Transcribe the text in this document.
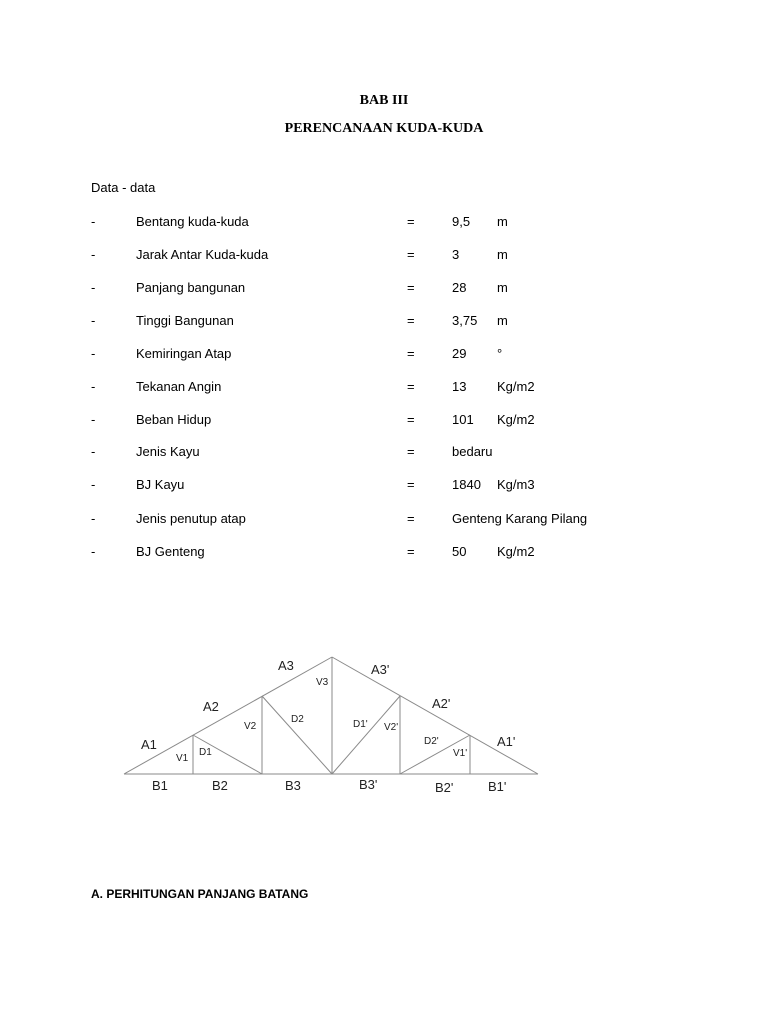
BAB III
PERENCANAAN KUDA-KUDA
Data - data
-	Bentang kuda-kuda	=	9,5 m
-	Jarak Antar Kuda-kuda	=	3	m
-	Panjang bangunan	=	28 m
-	Tinggi Bangunan	=	3,75 m
-	Kemiringan Atap	=	29 °
-	Tekanan Angin	=	13 Kg/m2
-	Beban Hidup	=	101 Kg/m2
-	Jenis Kayu	=	bedaru
-	BJ Kayu	=	1840 Kg/m3
-	Jenis penutup atap	=	Genteng Karang Pilang
-	BJ Genteng	=	50 Kg/m2
A1
A2
A3	A3'
A2'
A1'
B1	B2	B3	B3'	B2'	B1'
V1
D1
V2
D2
V3
D1' V2'
D2'
V1'
A. PERHITUNGAN PANJANG BATANG
